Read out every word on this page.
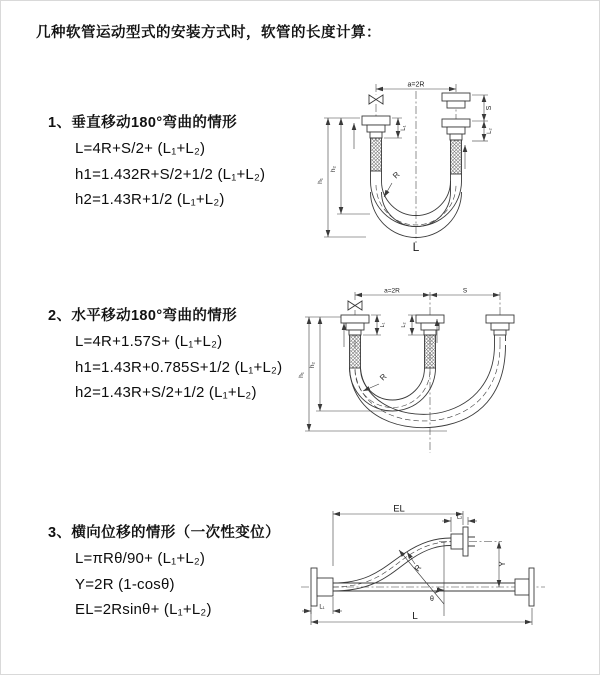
几种软管运动型式的安装方式时，软管的长度计算：
1、垂直移动180°弯曲的情形
L=4R+S/2+ (L₁+L₂)
h1=1.432R+S/2+1/2 (L₁+L₂)
h2=1.43R+1/2 (L₁+L₂)
2、水平移动180°弯曲的情形
L=4R+1.57S+ (L₁+L₂)
h1=1.43R+0.785S+1/2 (L₁+L₂)
h2=1.43R+S/2+1/2 (L₁+L₂)
3、横向位移的情形（一次性变位）
L=πRθ/90+ (L₁+L₂)
Y=2R (1-cosθ)
EL=2Rsinθ+ (L₁+L₂)
a=2R
S
L₂
L₁
h₁
h₂
R
L
a=2R	S
h₁
h₂
L₁	L₂
R
EL
L₂
Y
θ
R
L₁
L
